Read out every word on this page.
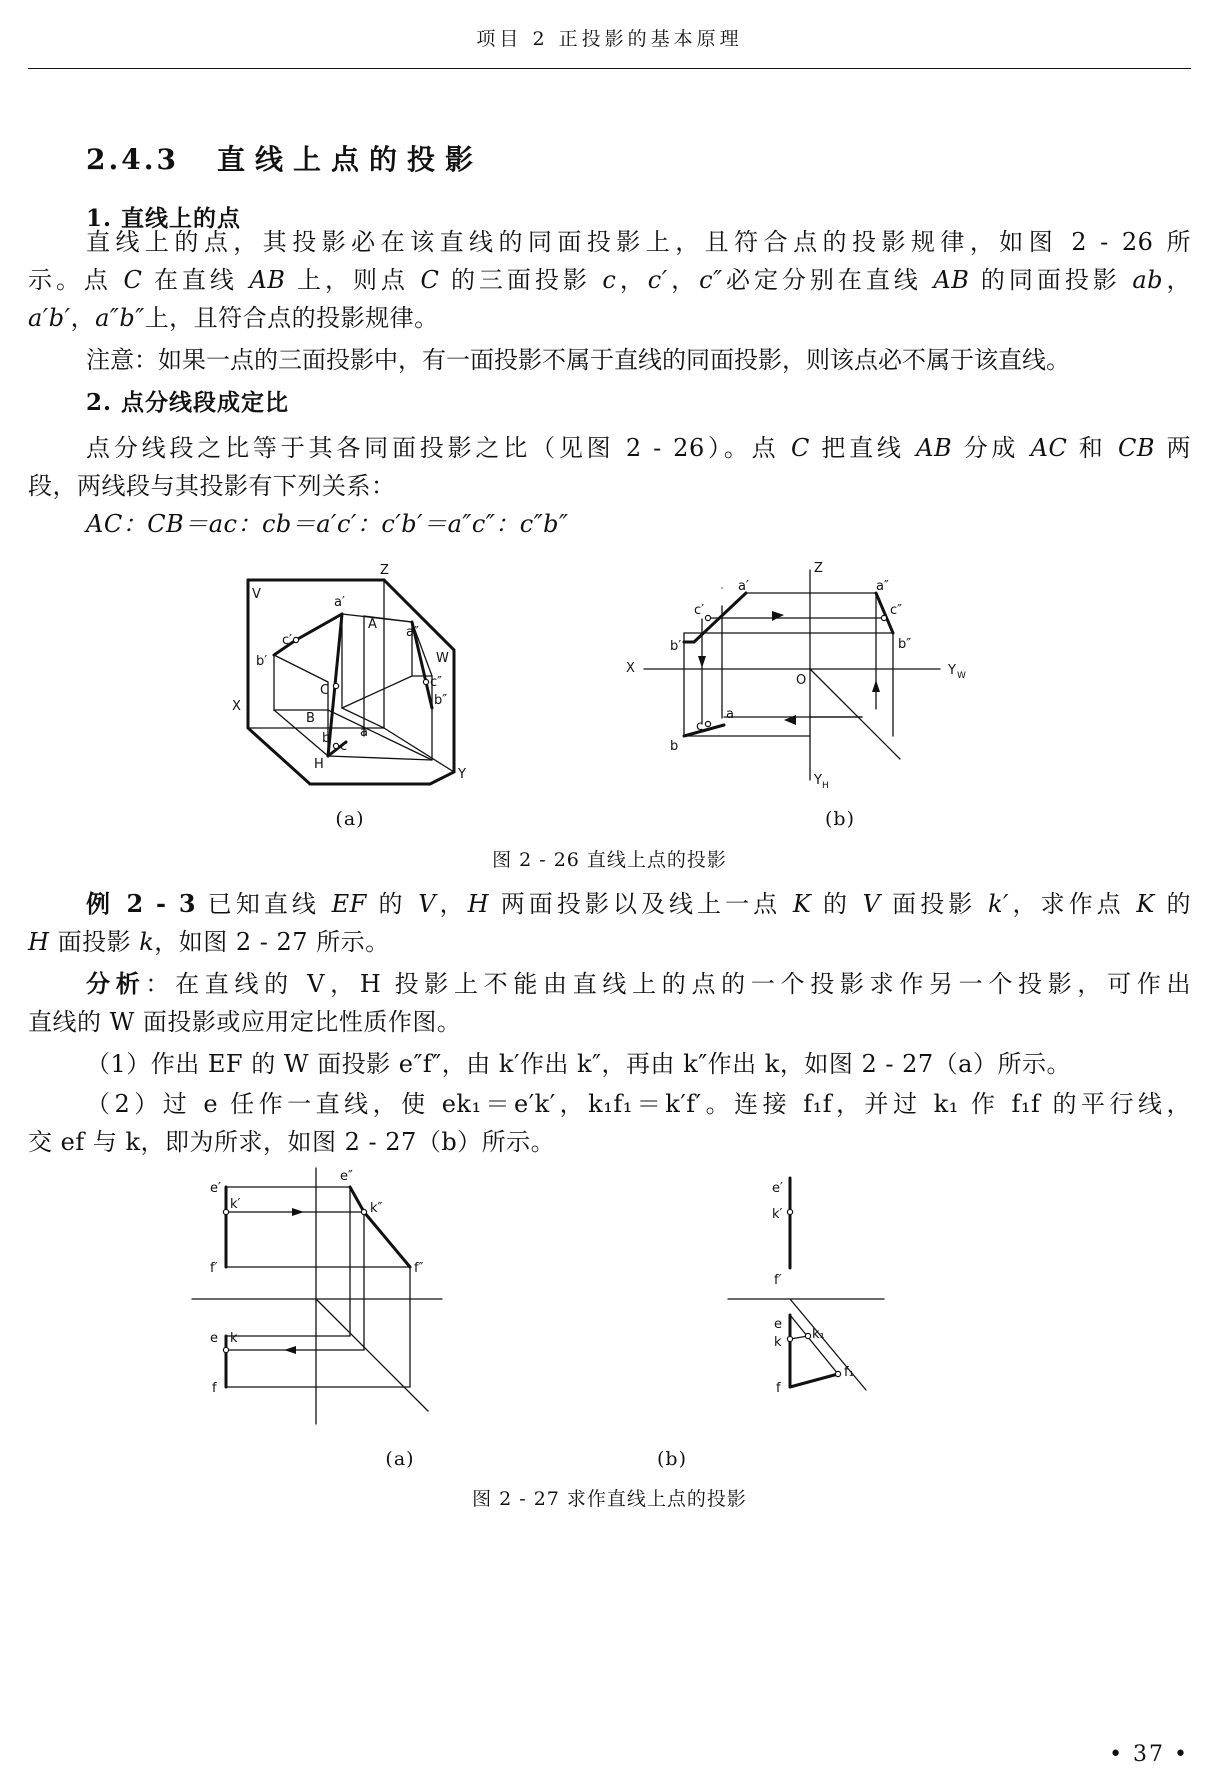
项目 2 正投影的基本原理
2.4.3 直线上点的投影
1. 直线上的点
直线上的点，其投影必在该直线的同面投影上，且符合点的投影规律，如图 2 - 26 所
示。点 C 在直线 AB 上，则点 C 的三面投影 c，c′，c″必定分别在直线 AB 的同面投影 ab，
a′b′，a″b″上，且符合点的投影规律。
注意：如果一点的三面投影中，有一面投影不属于直线的同面投影，则该点必不属于该直线。
2. 点分线段成定比
点分线段之比等于其各同面投影之比（见图 2 - 26）。点 C 把直线 AB 分成 AC 和 CB 两
段，两线段与其投影有下列关系：
AC：CB＝ac：cb＝a′c′：c′b′＝a″c″：c″b″
V
Z
W
X
Y
H
A
B
C
a′
b′
c′
a″
b″
c″
a
b
c
Z
X	Y W
Y H
O
a′
b′
c′
a″
b″
c″
a
b
c
(a)	(b)
图 2 - 26 直线上点的投影
例 2 - 3 已知直线 EF 的 V，H 两面投影以及线上一点 K 的 V 面投影 k′，求作点 K 的
H 面投影 k，如图 2 - 27 所示。
分析：在直线的 V，H 投影上不能由直线上的点的一个投影求作另一个投影，可作出
直线的 W 面投影或应用定比性质作图。
（1）作出 EF 的 W 面投影 e″f″，由 k′作出 k″，再由 k″作出 k，如图 2 - 27（a）所示。
（2）过 e 任作一直线，使 ek₁＝e′k′，k₁f₁＝k′f′。连接 f₁f，并过 k₁ 作 f₁f 的平行线，
交 ef 与 k，即为所求，如图 2 - 27（b）所示。
e′
k′
f′
e″
k″
f″
e k
f
e′
k′
f′
e
k
f
k₁
f₁
(a)	(b)
图 2 - 27 求作直线上点的投影
• 37 •
